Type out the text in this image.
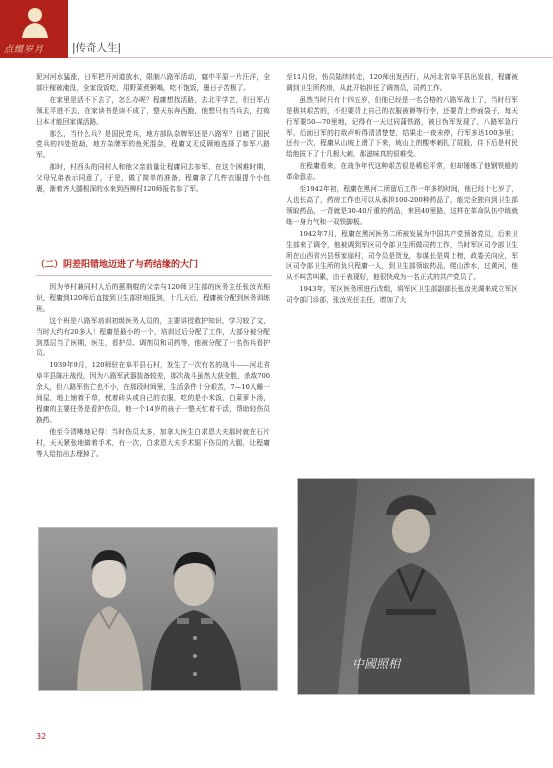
点缀岁月	|传奇人生|

泥河河水猛涨，日军把开河道放水，限制八路军活动，腐中平原一片汪洋，全部庄稼被淹没，全家没饭吃，用野菜煮粥喝，吃不饱饭，墨日子苦极了。

在家里是活不下去了，怎么办呢？程庸想找活路，去北平学艺，但日军占领北平进不去，在家读书是读不成了，整天东奔西跑，他想只有当兵去，打败日本才能回家谋活路。

那么，当什么兵？是国民党兵，地方部队杂牌军还是八路军？目睹了国民党兵的四处抢劫，地方杂牌军的鱼死混杂，程庸又无反顾地选择了参军八路军。

那时，村西头的同村人和他父亲前量让程庸同去参军，在这个困难时期，父母兄弟表示同意了，于是，做了简单的准备，程庸拿了几件衣服提个小包裹，渐着齐大腿根深的水来到西柳村120师报名参了军。

（二）阴差阳错地迈进了与药结缘的大门

因为爷村兼同村人后的蕙荆棍的父亲与120师卫生部的医务主任张汝光相识，程庸到120师后直接到卫生部驻地报到，十几天后，程庸被分配到医务训练班。

这个班是八路军培训初级医务人员的，主要讲授救护知识，学习较了文，当时大约有20多人！程庸是最小的一个，培训过后分配了工作，大部分被分配到基层当了医期，医生，看护员、调剂员和司药等，他被分配了一名伤兵看护员。

1939年9月，120师驻在阜平县石村，发生了一次有名的战斗——河北省阜平县陈庄战役，因为八路军武器装备较差，那次战斗虽然大获全胜，杀敌700余人，但八路军伤亡也不小，在那段时间里，生活条件十分艰苦，7—10人睡一间屋，地上铺着干草，枕着砖头或自己的衣服，吃的是小米饭，白菜萝卜汤，程庸的主要任务是看护伤员，他一个14岁的孩子一整天忙着干活，帮助轻伤员换药。

他至今清晰地记得：当时伤员太多，加拿大医生白求恩大夫那时就在石片村，天天紧张地做着手术，有一次，白求恩大夫手术锯下伤员的大腿，让程庸等人给抬出去埋掉了。

至11月份，伤员陆续转走，120师出发西行，从河北省阜平县出发前，程庸被调到卫生所药房，从此开始担任了调剂员，司药工作。

虽然当时只有十四五岁，但他已经是一名合格的八路军战士了，当时行军是极其艰苦的，不但要背上自己的衣服被褥等行李，还要背上炒面袋子，每天行军要50—70里地，记得有一天过同蒲铁路，被日伪军发现了，八路军急行军，后面日军的打敌声听得清清楚楚，结果走一夜未停，行军多达100多里；还有一次，程庸从山坡上滑了下来，坡山上的酸枣刺扎了屁股，住下后是村民给他拔下了十几根大刺，那滋味真的很难受。

在程庸看来，在战争年代这种艰苦很是稀松平常，但却锤炼了他钢铁般的革命意志。

至1942年初，程庸在黑河二所留后工作一年多的时间，他已经十七岁了，人也长高了，药房工作也可以从承担100-200种药品了，能完全独自到卫生部领取药品，一背就是30-40斤重的药品，来回40里路，这样在革命队伍中练就练一身力气和一双铁脚板。

1942年7月，程庸在黑河医务二所被发展为中国共产党预备党员，后来卫生部来了调令，他被调到军区司令部卫生所做司药工作，当时军区司令部卫生所在山西省兴县蔡家崖村，司令员是贺龙，参谋长是周士榜，政委关向应，军区司令部卫生所的负只程庸一人，到卫生部领取药品，爬山涉水，过黄河，他从不叫苦叫累，由于表现好，他很快成为一名正式的共产党员了。

1943年，军区医务所进行改组，将军区卫生部副部长张汝光调来成立军区司令部门诊部，张汝光任主任，增加了大

中國照相
32
